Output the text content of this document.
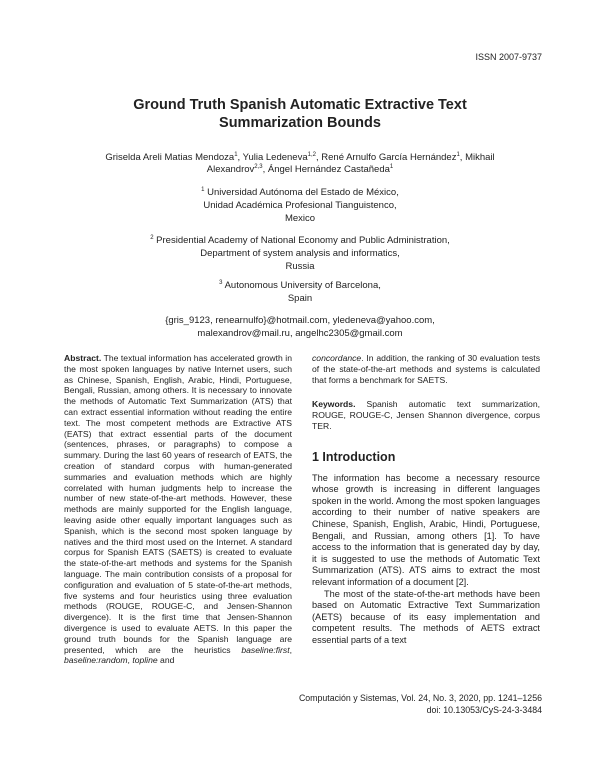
ISSN 2007-9737
Ground Truth Spanish Automatic Extractive Text
Summarization Bounds
Griselda Areli Matias Mendoza$^1$, Yulia Ledeneva$^{1,2}$, René Arnulfo García Hernández$^1$, Mikhail Alexandrov$^{2,3}$, Ángel Hernández Castañeda$^1$
$^1$ Universidad Autónoma del Estado de México,
Unidad Académica Profesional Tianguistenco,
Mexico
$^2$ Presidential Academy of National Economy and Public Administration,
Department of system analysis and informatics,
Russia
$^3$ Autonomous University of Barcelona,
Spain
{gris_9123, renearnulfo}@hotmail.com, yledeneva@yahoo.com,
malexandrov@mail.ru, angelhc2305@gmail.com

Abstract. The textual information has accelerated growth in the most spoken languages by native Internet users, such as Chinese, Spanish, English, Arabic, Hindi, Portuguese, Bengali, Russian, among others. It is necessary to innovate the methods of Automatic Text Summarization (ATS) that can extract essential information without reading the entire text. The most competent methods are Extractive ATS (EATS) that extract essential parts of the document (sentences, phrases, or paragraphs) to compose a summary. During the last 60 years of research of EATS, the creation of standard corpus with human-generated summaries and evaluation methods which are highly correlated with human judgments help to increase the number of new state-of-the-art methods. However, these methods are mainly supported for the English language, leaving aside other equally important languages such as Spanish, which is the second most spoken language by natives and the third most used on the Internet. A standard corpus for Spanish EATS (SAETS) is created to evaluate the state-of-the-art methods and systems for the Spanish language. The main contribution consists of a proposal for configuration and evaluation of 5 state-of-the-art methods, five systems and four heuristics using three evaluation methods (ROUGE, ROUGE-C, and Jensen-Shannon divergence). It is the first time that Jensen-Shannon divergence is used to evaluate AETS. In this paper the ground truth bounds for the Spanish language are presented, which are the heuristics baseline:first, baseline:random, topline and

concordance. In addition, the ranking of 30 evaluation tests of the state-of-the-art methods and systems is calculated that forms a benchmark for SAETS.

Keywords. Spanish automatic text summarization, ROUGE, ROUGE-C, Jensen Shannon divergence, corpus TER.

1 Introduction

The information has become a necessary resource whose growth is increasing in different languages spoken in the world. Among the most spoken languages according to their number of native speakers are Chinese, Spanish, English, Arabic, Hindi, Portuguese, Bengali, and Russian, among others [1]. To have access to the information that is generated day by day, it is suggested to use the methods of Automatic Text Summarization (ATS). ATS aims to extract the most relevant information of a document [2].

The most of the state-of-the-art methods have been based on Automatic Extractive Text Summarization (AETS) because of its easy implementation and competent results. The methods of AETS extract essential parts of a text

Computación y Sistemas, Vol. 24, No. 3, 2020, pp. 1241–1256
doi: 10.13053/CyS-24-3-3484
